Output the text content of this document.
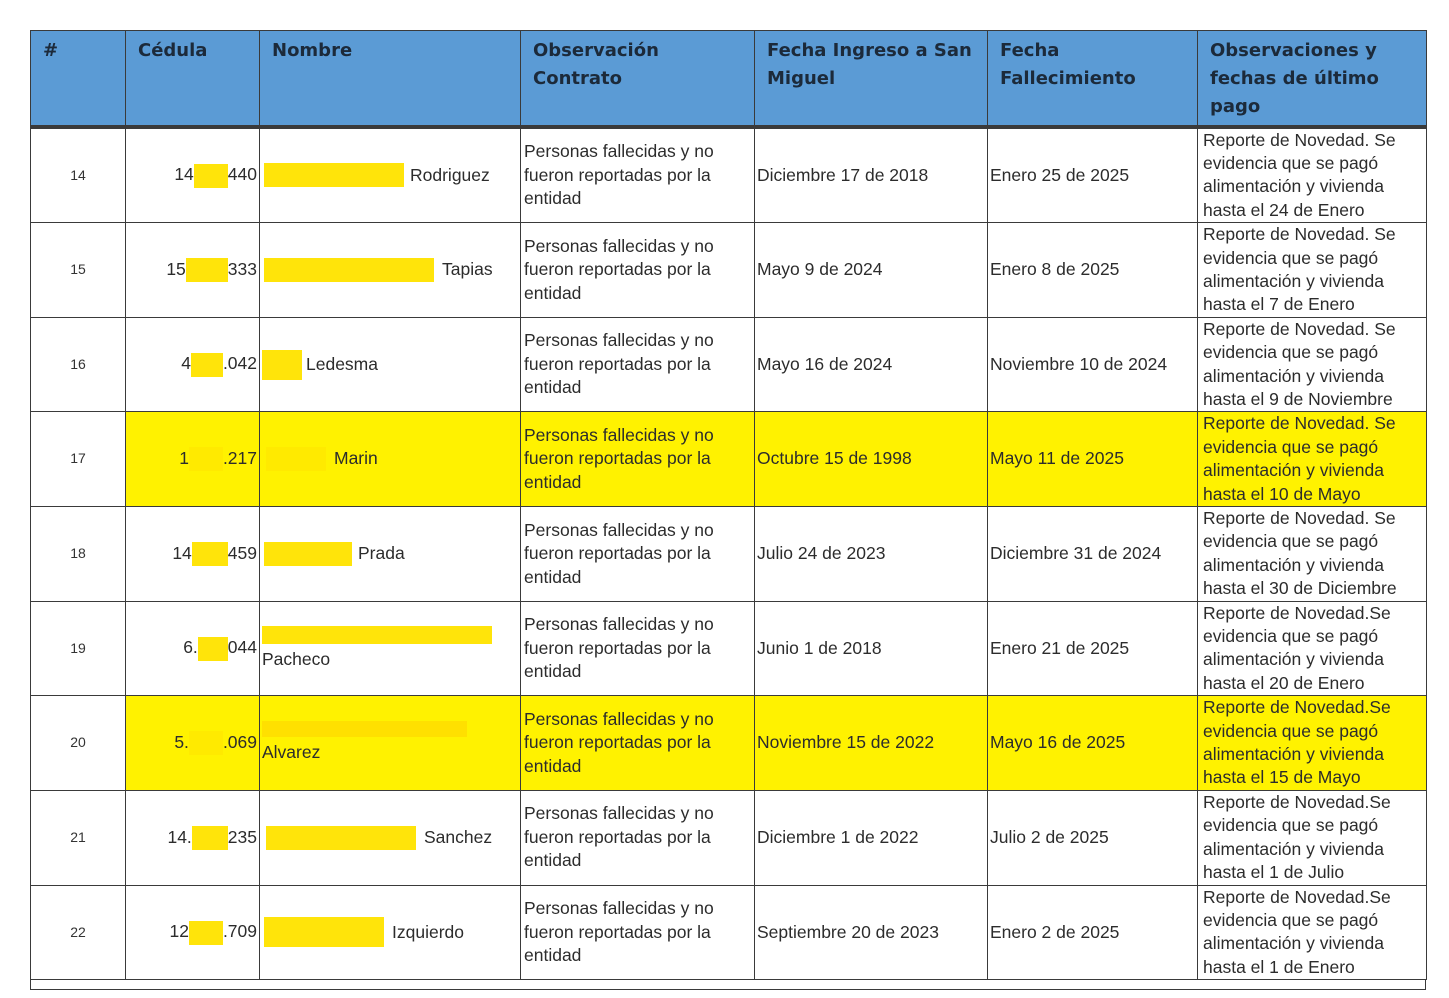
#	Cédula	Nombre	Observación Contrato	Fecha Ingreso a San Miguel	Fecha Fallecimiento	Observaciones y fechas de último pago
14	14 440	Rodriguez	Personas fallecidas y no fueron reportadas por la entidad	Diciembre 17 de 2018	Enero 25 de 2025	Reporte de Novedad. Se evidencia que se pagó alimentación y vivienda hasta el 24 de Enero
15	15 333	Tapias	Personas fallecidas y no fueron reportadas por la entidad	Mayo 9 de 2024	Enero 8 de 2025	Reporte de Novedad. Se evidencia que se pagó alimentación y vivienda hasta el 7 de Enero
16	4 .042	Ledesma	Personas fallecidas y no fueron reportadas por la entidad	Mayo 16 de 2024	Noviembre 10 de 2024	Reporte de Novedad. Se evidencia que se pagó alimentación y vivienda hasta el 9 de Noviembre
17	1 .217	Marin	Personas fallecidas y no fueron reportadas por la entidad	Octubre 15 de 1998	Mayo 11 de 2025	Reporte de Novedad. Se evidencia que se pagó alimentación y vivienda hasta el 10 de Mayo
18	14 459	Prada	Personas fallecidas y no fueron reportadas por la entidad	Julio 24 de 2023	Diciembre 31 de 2024	Reporte de Novedad. Se evidencia que se pagó alimentación y vivienda hasta el 30 de Diciembre
19	6. 044	Pacheco	Personas fallecidas y no fueron reportadas por la entidad	Junio 1 de 2018	Enero 21 de 2025	Reporte de Novedad.Se evidencia que se pagó alimentación y vivienda hasta el 20 de Enero
20	5. .069	Alvarez	Personas fallecidas y no fueron reportadas por la entidad	Noviembre 15 de 2022	Mayo 16 de 2025	Reporte de Novedad.Se evidencia que se pagó alimentación y vivienda hasta el 15 de Mayo
21	14. 235	Sanchez	Personas fallecidas y no fueron reportadas por la entidad	Diciembre 1 de 2022	Julio 2 de 2025	Reporte de Novedad.Se evidencia que se pagó alimentación y vivienda hasta el 1 de Julio
22	12 .709	Izquierdo	Personas fallecidas y no fueron reportadas por la entidad	Septiembre 20 de 2023	Enero 2 de 2025	Reporte de Novedad.Se evidencia que se pagó alimentación y vivienda hasta el 1 de Enero
